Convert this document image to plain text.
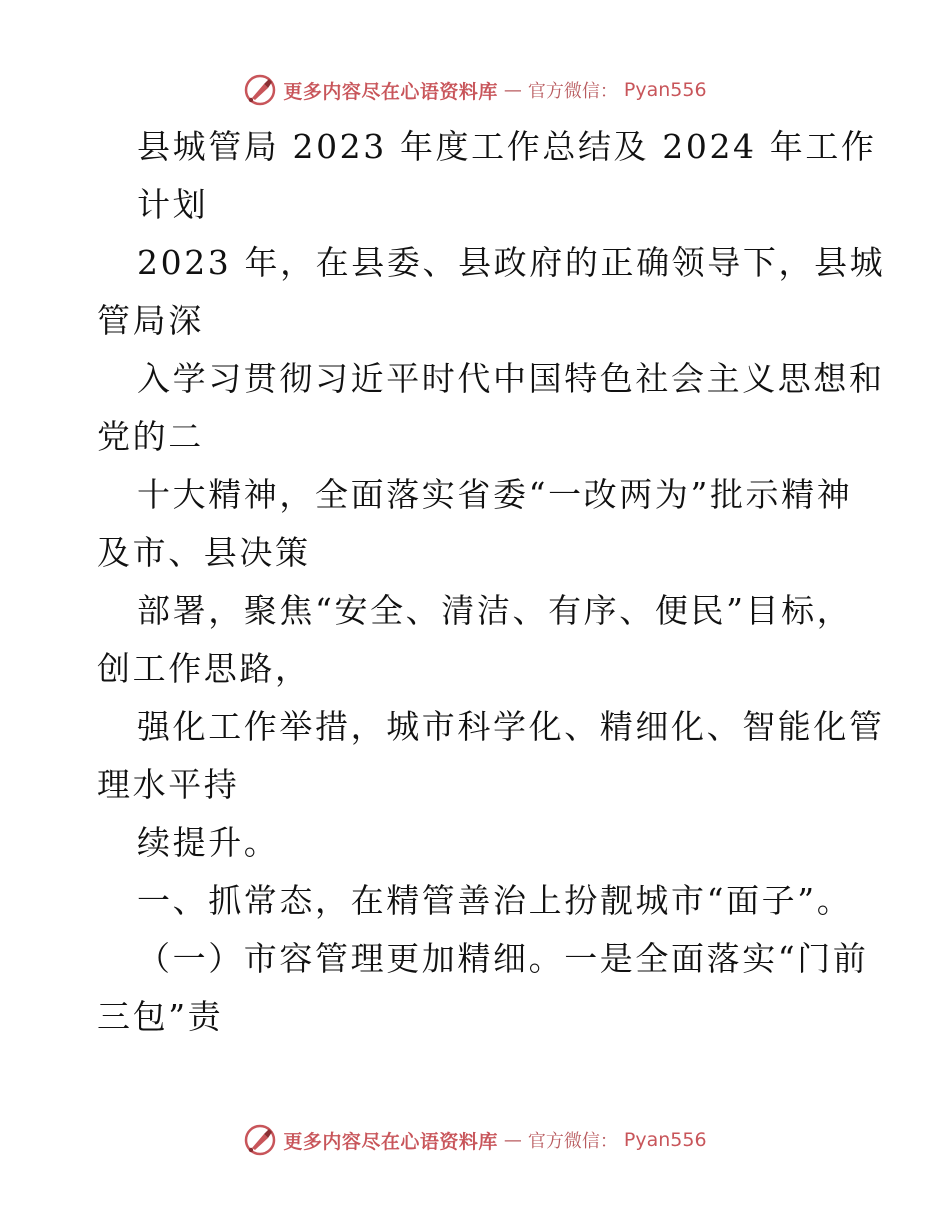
更多内容尽在心语资料库 — 官方微信： Pyan556
县城管局 2023 年度工作总结及 2024 年工作
计划
2023 年，在县委、县政府的正确领导下，县城
管局深
入学习贯彻习近平时代中国特色社会主义思想和
党的二
十大精神，全面落实省委“一改两为”批示精神
及市、县决策
部署，聚焦“安全、清洁、有序、便民”目标，
创工作思路，
强化工作举措，城市科学化、精细化、智能化管
理水平持
续提升。
一、抓常态，在精管善治上扮靓城市“面子”。
（一）市容管理更加精细。一是全面落实“门前
三包”责
更多内容尽在心语资料库 — 官方微信： Pyan556
